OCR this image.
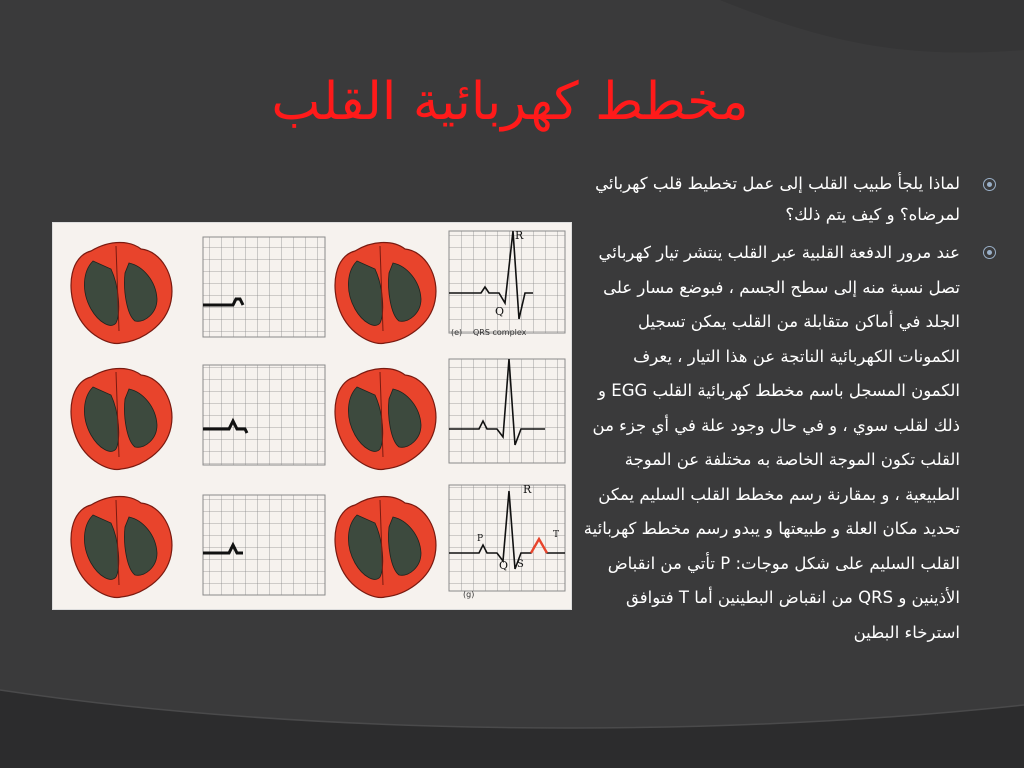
مخطط كهربائية القلب
R
Q
(e) QRS complex
R
Q S
T
P
(g)

لماذا يلجأ طبيب القلب إلى عمل تخطيط قلب كهربائي لمرضاه؟ و كيف يتم ذلك؟

عند مرور الدفعة القلبية عبر القلب ينتشر تيار كهربائي تصل نسبة منه إلى سطح الجسم ، فبوضع مسار على الجلد في أماكن متقابلة من القلب يمكن تسجيل الكمونات الكهربائية الناتجة عن هذا التيار ، يعرف الكمون المسجل باسم مخطط كهربائية القلب EGG و ذلك لقلب سوي ، و في حال وجود علة في أي جزء من القلب تكون الموجة الخاصة به مختلفة عن الموجة الطبيعية ، و بمقارنة رسم مخطط القلب السليم يمكن تحديد مكان العلة و طبيعتها و يبدو رسم مخطط كهربائية القلب السليم على شكل موجات: P تأتي من انقباض الأذينين و QRS من انقباض البطينين أما T فتوافق استرخاء البطين
